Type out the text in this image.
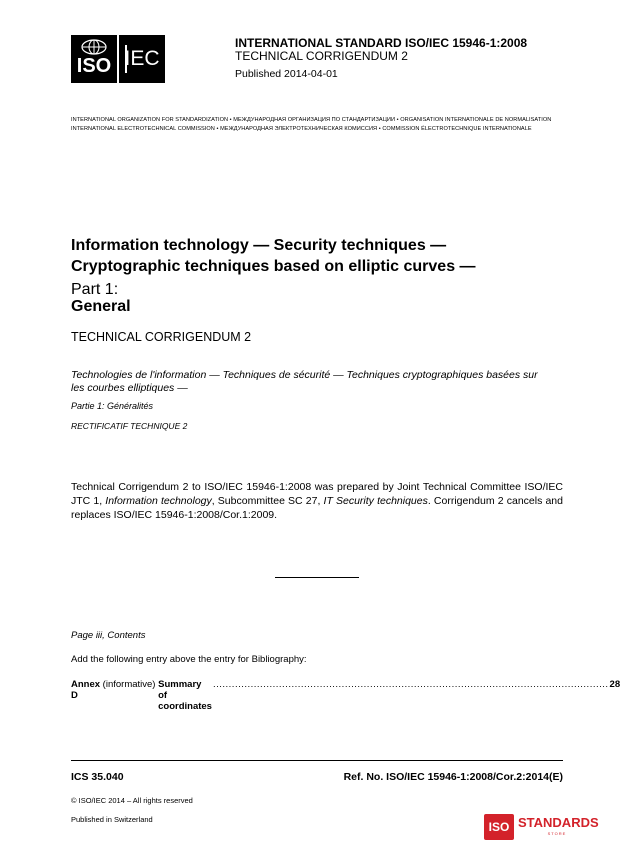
ISO IEC
INTERNATIONAL STANDARD ISO/IEC 15946-1:2008
TECHNICAL CORRIGENDUM 2
Published 2014-04-01
INTERNATIONAL ORGANIZATION FOR STANDARDIZATION • МЕЖДУНАРОДНАЯ ОРГАНИЗАЦИЯ ПО СТАНДАРТИЗАЦИИ • ORGANISATION INTERNATIONALE DE NORMALISATION
INTERNATIONAL ELECTROTECHNICAL COMMISSION • МЕЖДУНАРОДНАЯ ЭЛЕКТРОТЕХНИЧЕСКАЯ КОМИССИЯ • COMMISSION ÉLECTROTECHNIQUE INTERNATIONALE
Information technology — Security techniques —
Cryptographic techniques based on elliptic curves —
Part 1:
General
TECHNICAL CORRIGENDUM 2
Technologies de l'information — Techniques de sécurité — Techniques cryptographiques basées sur les courbes elliptiques —
Partie 1: Généralités
RECTIFICATIF TECHNIQUE 2
Technical Corrigendum 2 to ISO/IEC 15946-1:2008 was prepared by Joint Technical Committee ISO/IEC JTC 1, Information technology, Subcommittee SC 27, IT Security techniques. Corrigendum 2 cancels and replaces ISO/IEC 15946-1:2008/Cor.1:2009.
Page iii, Contents
Add the following entry above the entry for Bibliography:
Annex D
(informative) Summary of coordinates
.............................................................................................................................. 28
ICS 35.040	Ref. No. ISO/IEC 15946-1:2008/Cor.2:2014(E)
© ISO/IEC 2014 – All rights reserved
Published in Switzerland
ISO STANDARDS
STORE
